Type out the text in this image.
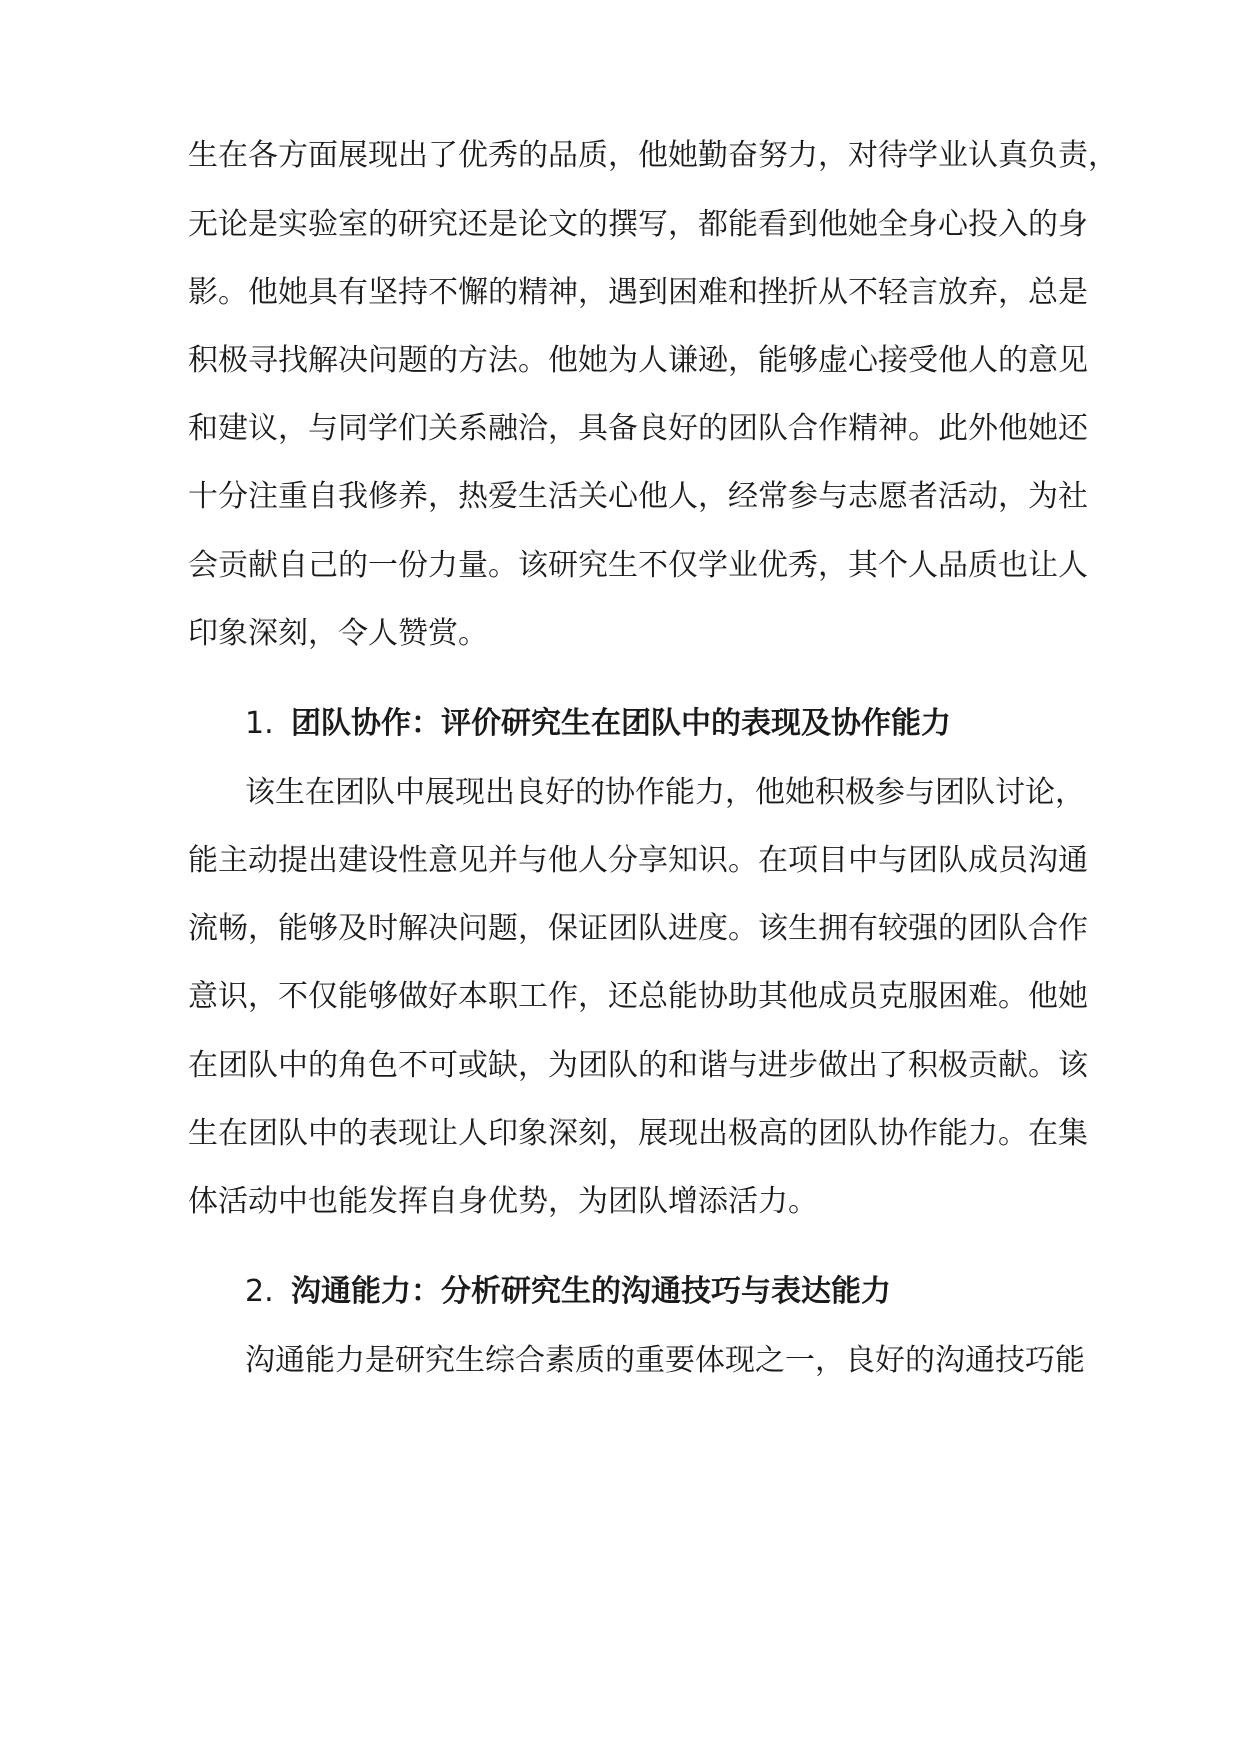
生在各方面展现出了优秀的品质，他她勤奋努力，对待学业认真负责，
无论是实验室的研究还是论文的撰写，都能看到他她全身心投入的身
影。他她具有坚持不懈的精神，遇到困难和挫折从不轻言放弃，总是
积极寻找解决问题的方法。他她为人谦逊，能够虚心接受他人的意见
和建议，与同学们关系融洽，具备良好的团队合作精神。此外他她还
十分注重自我修养，热爱生活关心他人，经常参与志愿者活动，为社
会贡献自己的一份力量。该研究生不仅学业优秀，其个人品质也让人
印象深刻，令人赞赏。
1. 团队协作：评价研究生在团队中的表现及协作能力
该生在团队中展现出良好的协作能力，他她积极参与团队讨论，
能主动提出建设性意见并与他人分享知识。在项目中与团队成员沟通
流畅，能够及时解决问题，保证团队进度。该生拥有较强的团队合作
意识，不仅能够做好本职工作，还总能协助其他成员克服困难。他她
在团队中的角色不可或缺，为团队的和谐与进步做出了积极贡献。该
生在团队中的表现让人印象深刻，展现出极高的团队协作能力。在集
体活动中也能发挥自身优势，为团队增添活力。
2. 沟通能力：分析研究生的沟通技巧与表达能力
沟通能力是研究生综合素质的重要体现之一，良好的沟通技巧能
